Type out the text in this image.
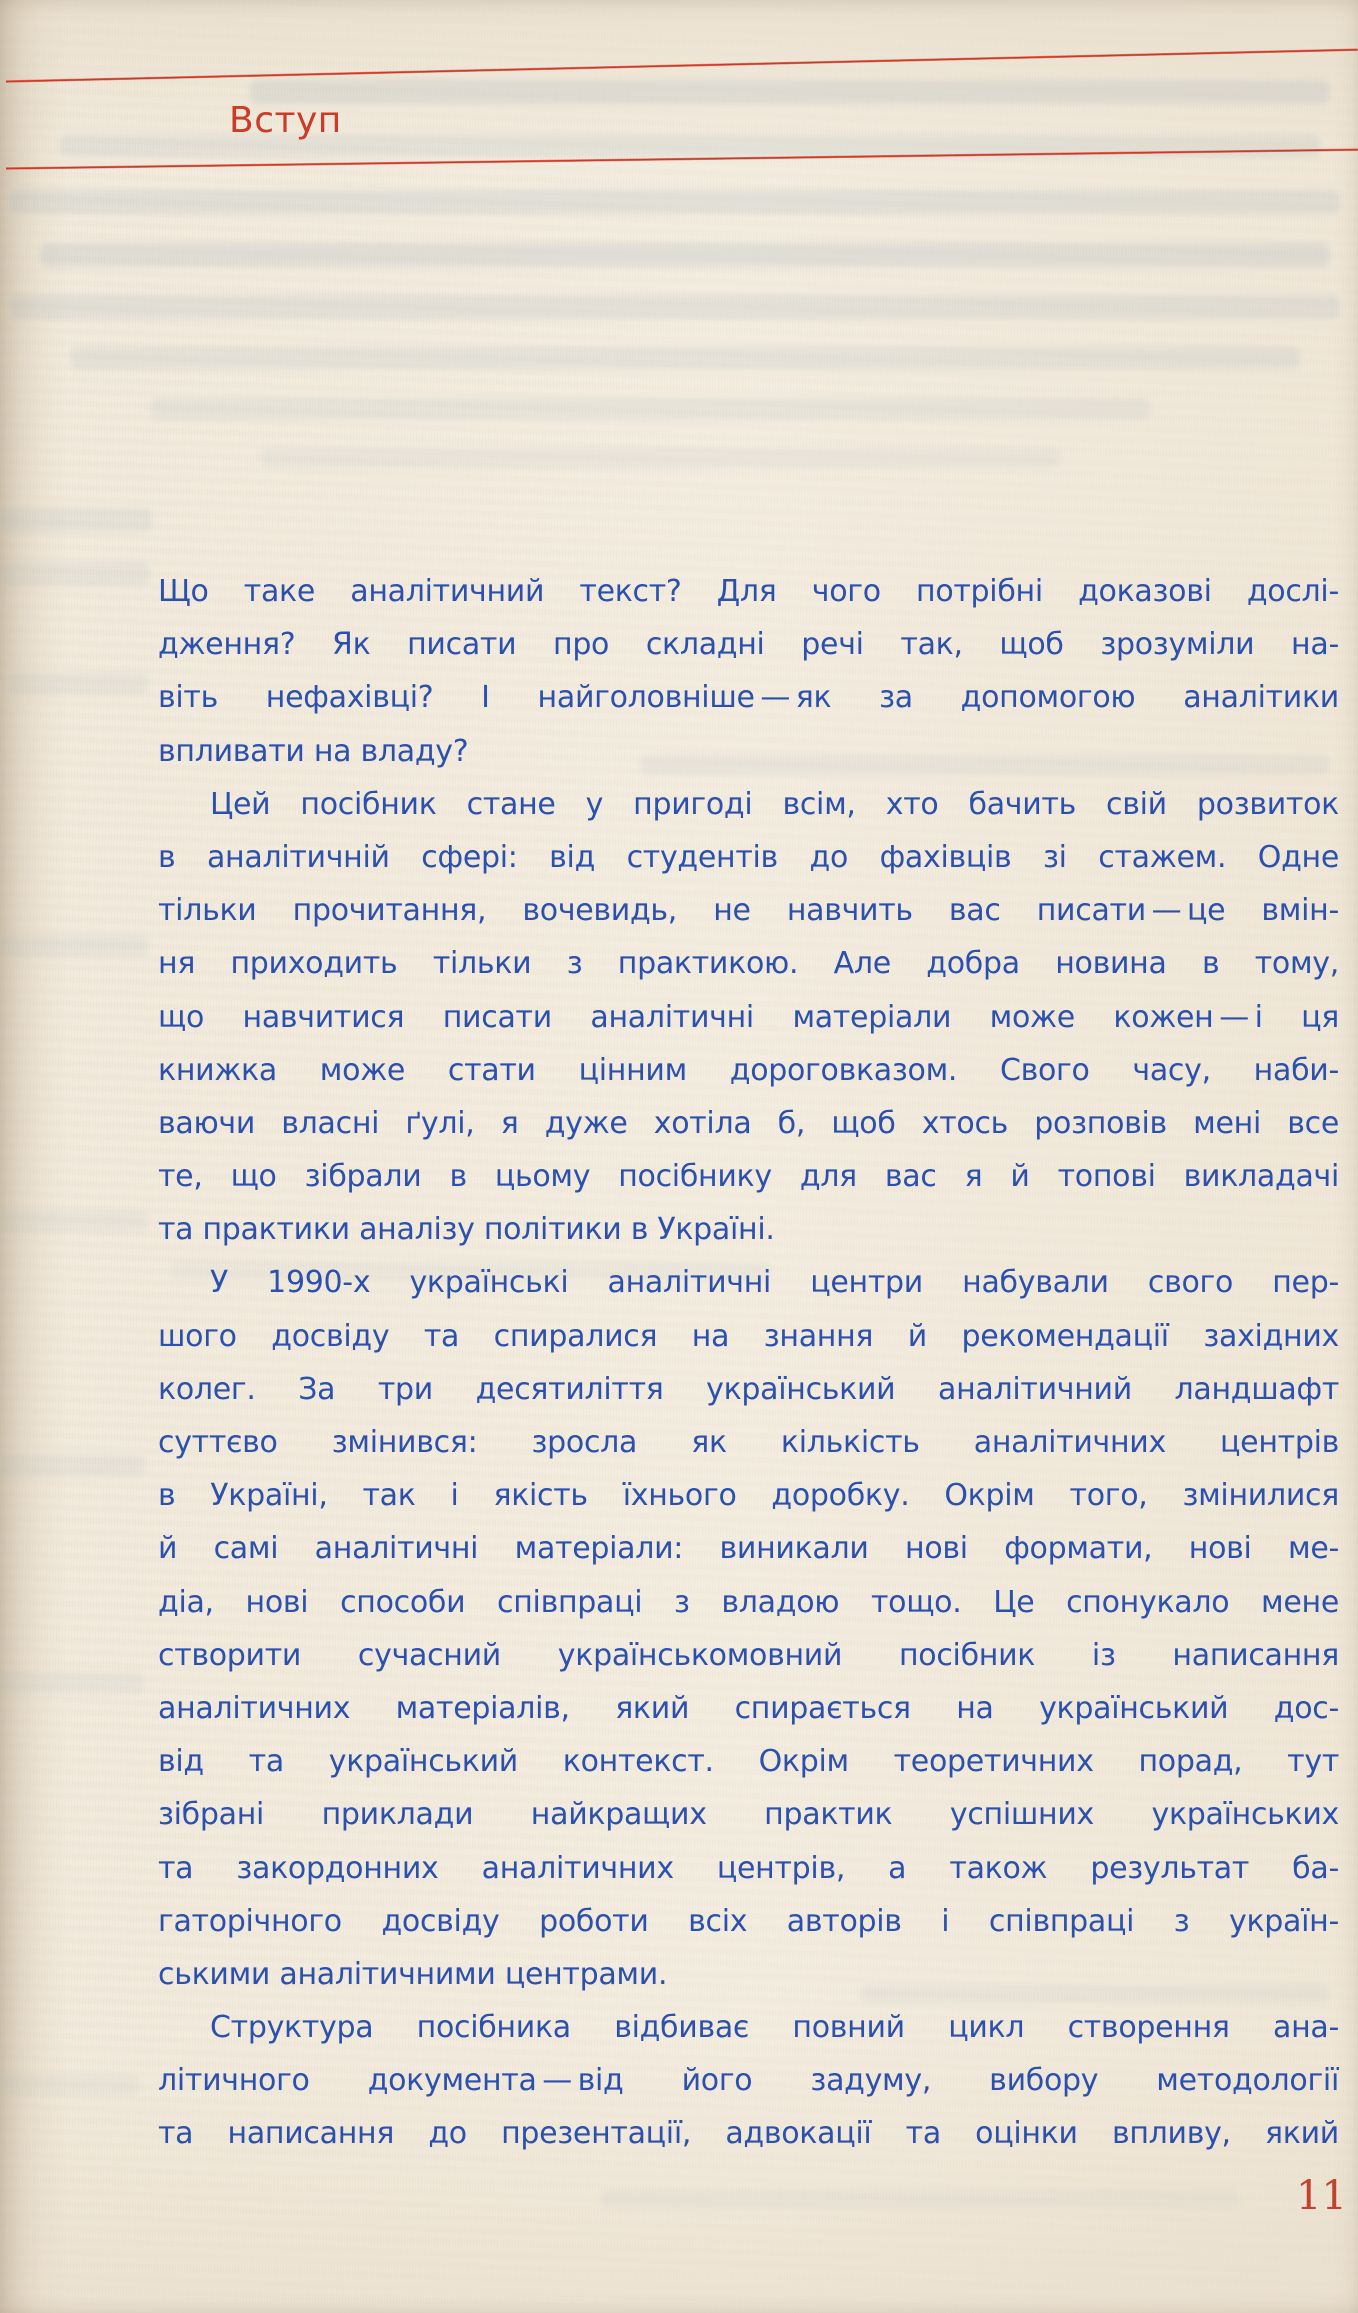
Вступ
Що таке аналітичний текст? Для чого потрібні доказові дослі-
дження? Як писати про складні речі так, щоб зрозуміли на-
віть нефахівці? І найголовніше — як за допомогою аналітики
впливати на владу?
Цей посібник стане у пригоді всім, хто бачить свій розвиток
в аналітичній сфері: від студентів до фахівців зі стажем. Одне
тільки прочитання, вочевидь, не навчить вас писати — це вмін-
ня приходить тільки з практикою. Але добра новина в тому,
що навчитися писати аналітичні матеріали може кожен — і ця
книжка може стати цінним дороговказом. Свого часу, наби-
ваючи власні ґулі, я дуже хотіла б, щоб хтось розповів мені все
те, що зібрали в цьому посібнику для вас я й топові викладачі
та практики аналізу політики в Україні.
У 1990-х українські аналітичні центри набували свого пер-
шого досвіду та спиралися на знання й рекомендації західних
колег. За три десятиліття український аналітичний ландшафт
суттєво змінився: зросла як кількість аналітичних центрів
в Україні, так і якість їхнього доробку. Окрім того, змінилися
й самі аналітичні матеріали: виникали нові формати, нові ме-
діа, нові способи співпраці з владою тощо. Це спонукало мене
створити сучасний українськомовний посібник із написання
аналітичних матеріалів, який спирається на український дос-
від та український контекст. Окрім теоретичних порад, тут
зібрані приклади найкращих практик успішних українських
та закордонних аналітичних центрів, а також результат ба-
гаторічного досвіду роботи всіх авторів і співпраці з україн-
ськими аналітичними центрами.
Структура посібника відбиває повний цикл створення ана-
літичного документа — від його задуму, вибору методології
та написання до презентації, адвокації та оцінки впливу, який
11
